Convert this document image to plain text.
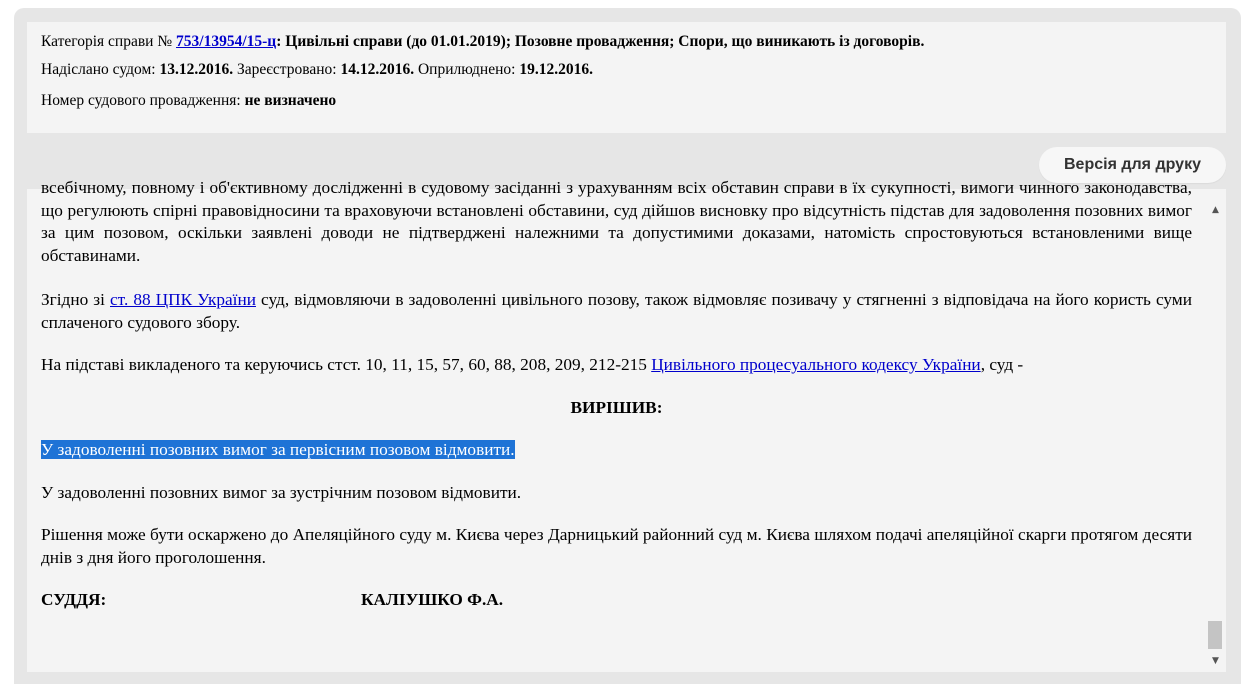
Категорія справи № 753/13954/15-ц: Цивільні справи (до 01.01.2019); Позовне провадження; Спори, що виникають із договорів.
Надіслано судом: 13.12.2016. Зареєстровано: 14.12.2016. Оприлюднено: 19.12.2016.
Номер судового провадження: не визначено
Версія для друку

всебічному, повному і об'єктивному дослідженні в судовому засіданні з урахуванням всіх обставин справи в їх сукупності, вимоги чинного законодавства, що регулюють спірні правовідносини та враховуючи встановлені обставини, суд дійшов висновку про відсутність підстав для задоволення позовних вимог за цим позовом, оскільки заявлені доводи не підтверджені належними та допустимими доказами, натомість спростовуються встановленими вище обставинами.

Згідно зі ст. 88 ЦПК України суд, відмовляючи в задоволенні цивільного позову, також відмовляє позивачу у стягненні з відповідача на його користь суми сплаченого судового збору.

На підставі викладеного та керуючись стст. 10, 11, 15, 57, 60, 88, 208, 209, 212-215 Цивільного процесуального кодексу України, суд -

ВИРІШИВ:

У задоволенні позовних вимог за первісним позовом відмовити.

У задоволенні позовних вимог за зустрічним позовом відмовити.

Рішення може бути оскаржено до Апеляційного суду м. Києва через Дарницький районний суд м. Києва шляхом подачі апеляційної скарги протягом десяти днів з дня його проголошення.

СУДДЯ:	КАЛІУШКО Ф.А.
▲
▼
